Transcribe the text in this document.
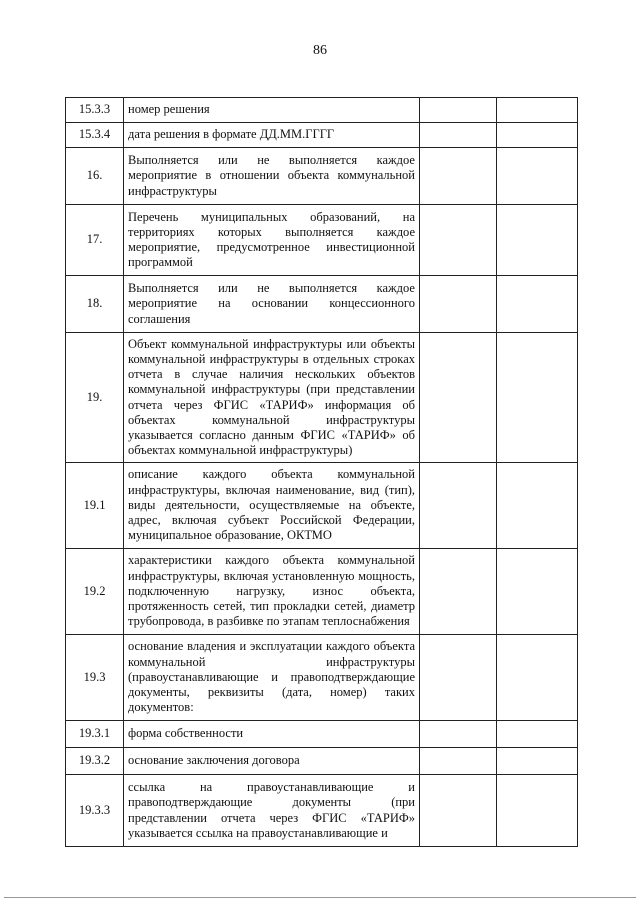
86
15.3.3	номер решения		
15.3.4	дата решения в формате ДД.ММ.ГГГГ		
16.	Выполняется или не выполняется каждое мероприятие в отношении объекта коммунальной инфраструктуры		
17.	Перечень муниципальных образований, на территориях которых выполняется каждое мероприятие, предусмотренное инвестиционной программой		
18.	Выполняется или не выполняется каждое мероприятие на основании концессионного соглашения		
19.	Объект коммунальной инфраструктуры или объекты коммунальной инфраструктуры в отдельных строках отчета в случае наличия нескольких объектов коммунальной инфраструктуры (при представлении отчета через ФГИС «ТАРИФ» информация об объектах коммунальной инфраструктуры указывается согласно данным ФГИС «ТАРИФ» об объектах коммунальной инфраструктуры)		
19.1	описание каждого объекта коммунальной инфраструктуры, включая наименование, вид (тип), виды деятельности, осуществляемые на объекте, адрес, включая субъект Российской Федерации, муниципальное образование, ОКТМО		
19.2	характеристики каждого объекта коммунальной инфраструктуры, включая установленную мощность, подключенную нагрузку, износ объекта, протяженность сетей, тип прокладки сетей, диаметр трубопровода, в разбивке по этапам теплоснабжения		
19.3	основание владения и эксплуатации каждого объекта коммунальной инфраструктуры (правоустанавливающие и правоподтверждающие документы, реквизиты (дата, номер) таких документов:		
19.3.1	форма собственности		
19.3.2	основание заключения договора		
19.3.3	ссылка на правоустанавливающие и правоподтверждающие документы (при представлении отчета через ФГИС «ТАРИФ» указывается ссылка на правоустанавливающие и		
